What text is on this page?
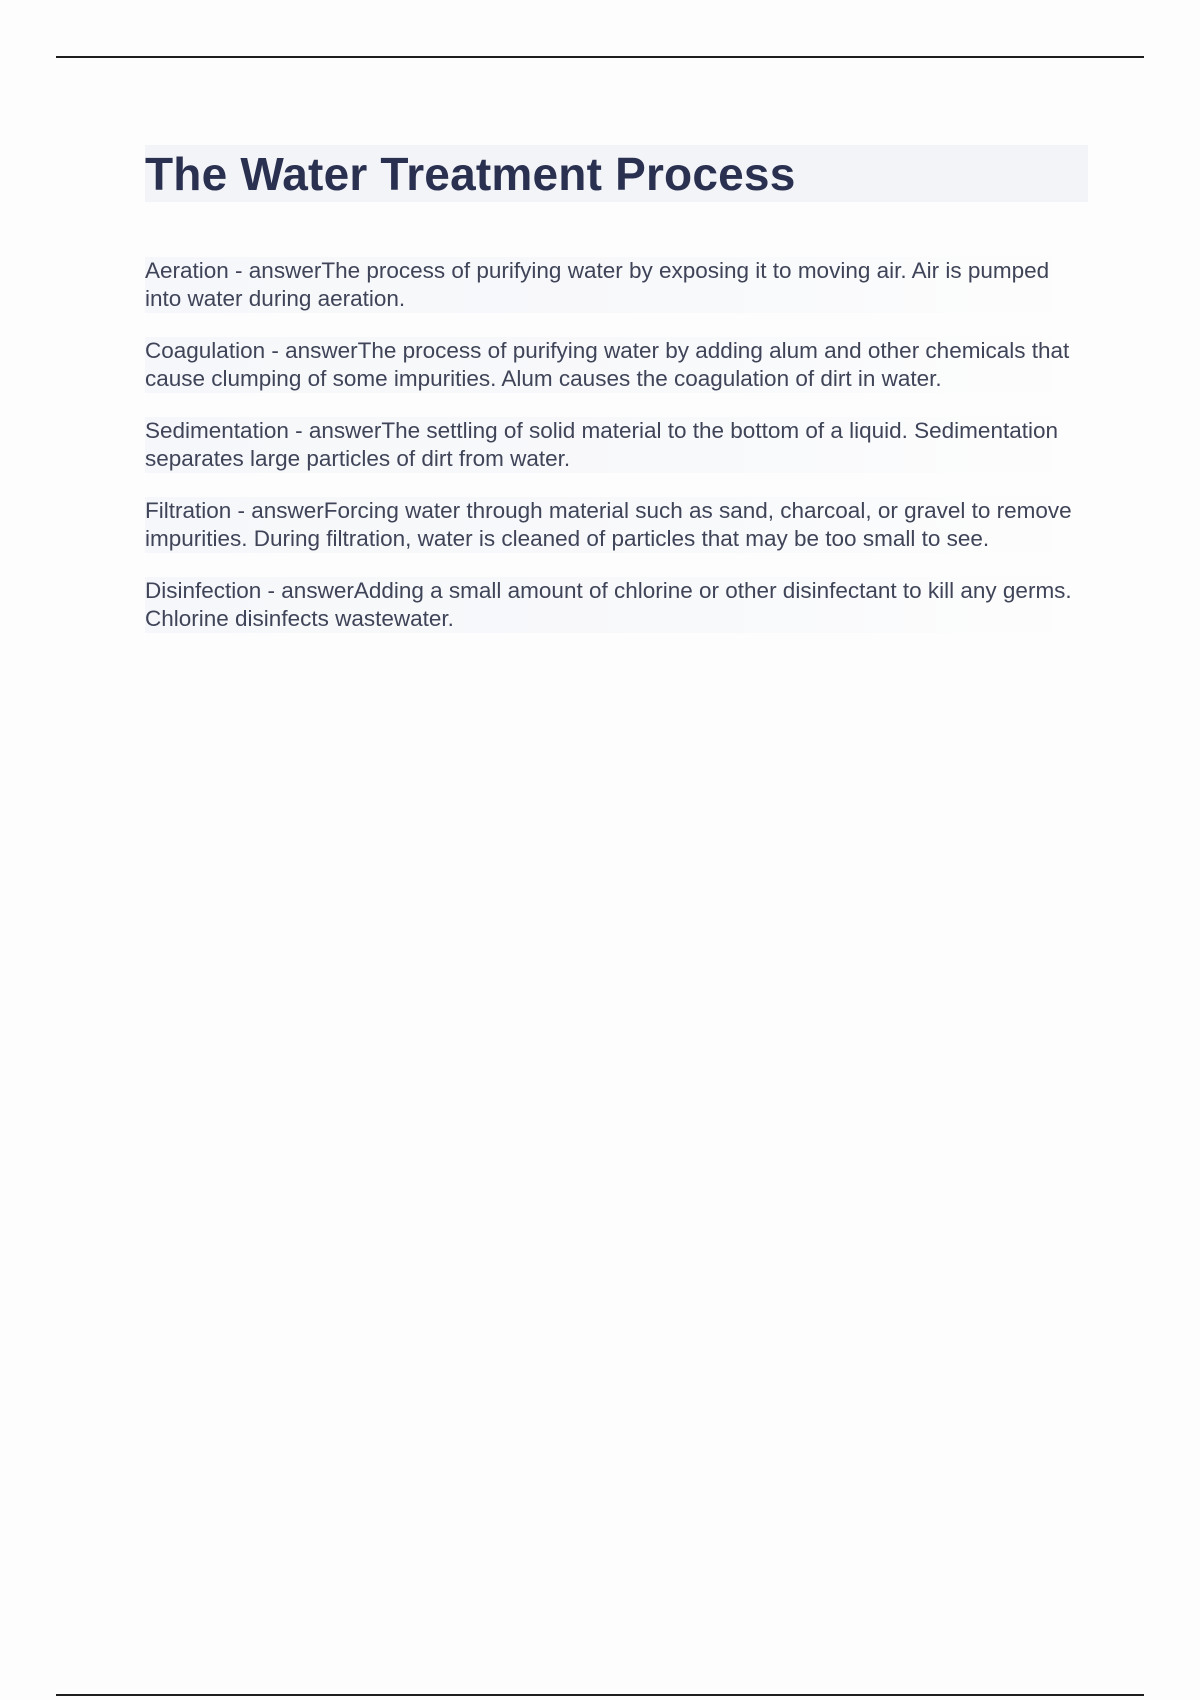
The Water Treatment Process

Aeration - answerThe process of purifying water by exposing it to moving air. Air is pumped into water during aeration.

Coagulation - answerThe process of purifying water by adding alum and other chemicals that cause clumping of some impurities. Alum causes the coagulation of dirt in water.

Sedimentation - answerThe settling of solid material to the bottom of a liquid. Sedimentation separates large particles of dirt from water.

Filtration - answerForcing water through material such as sand, charcoal, or gravel to remove impurities. During filtration, water is cleaned of particles that may be too small to see.

Disinfection - answerAdding a small amount of chlorine or other disinfectant to kill any germs. Chlorine disinfects wastewater.
